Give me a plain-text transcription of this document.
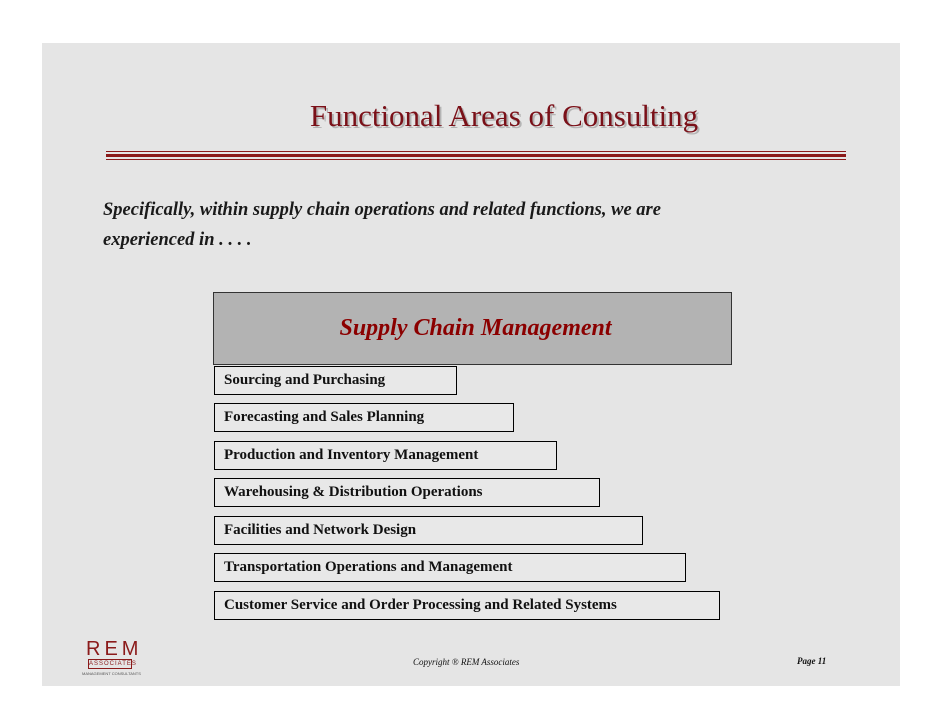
Functional Areas of Consulting
Specifically, within supply chain operations and related functions, we are
experienced in . . . .
Supply Chain Management
Sourcing and Purchasing
Forecasting and Sales Planning
Production and Inventory Management
Warehousing & Distribution Operations
Facilities and Network Design
Transportation Operations and Management
Customer Service and Order Processing and Related Systems
REM
ASSOCIATES
MANAGEMENT CONSULTANTS
Copyright ® REM Associates	Page 11
